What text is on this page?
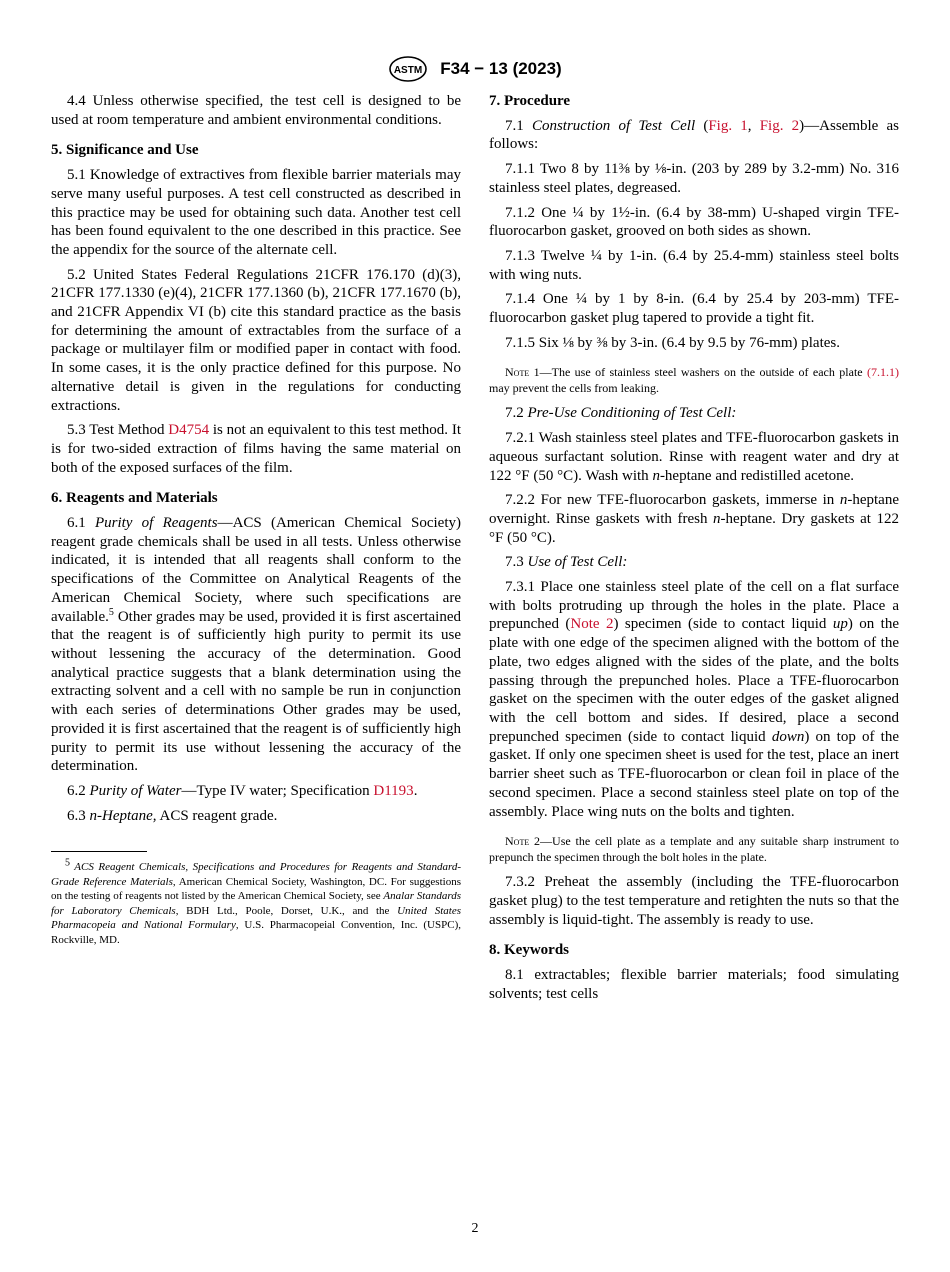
ASTM F34 − 13 (2023)

4.4 Unless otherwise specified, the test cell is designed to be used at room temperature and ambient environmental conditions.

5. Significance and Use

5.1 Knowledge of extractives from flexible barrier materials may serve many useful purposes. A test cell constructed as described in this practice may be used for obtaining such data. Another test cell has been found equivalent to the one described in this practice. See the appendix for the source of the alternate cell.

5.2 United States Federal Regulations 21CFR 176.170 (d)(3), 21CFR 177.1330 (e)(4), 21CFR 177.1360 (b), 21CFR 177.1670 (b), and 21CFR Appendix VI (b) cite this standard practice as the basis for determining the amount of extractables from the surface of a package or multilayer film or modified paper in contact with food. In some cases, it is the only practice defined for this purpose. No alternative detail is given in the regulations for conducting extractions.

5.3 Test Method D4754 is not an equivalent to this test method. It is for two-sided extraction of films having the same material on both of the exposed surfaces of the film.

6. Reagents and Materials

6.1 Purity of Reagents—ACS (American Chemical Society) reagent grade chemicals shall be used in all tests. Unless otherwise indicated, it is intended that all reagents shall conform to the specifications of the Committee on Analytical Reagents of the American Chemical Society, where such specifications are available.$^5$ Other grades may be used, provided it is first ascertained that the reagent is of sufficiently high purity to permit its use without lessening the accuracy of the determination. Good analytical practice suggests that a blank determination using the extracting solvent and a cell with no sample be run in conjunction with each series of determinations Other grades may be used, provided it is first ascertained that the reagent is of sufficiently high purity to permit its use without lessening the accuracy of the determination.

6.2 Purity of Water—Type IV water; Specification D1193.

6.3 n-Heptane, ACS reagent grade.

$^5$ ACS Reagent Chemicals, Specifications and Procedures for Reagents and Standard-Grade Reference Materials, American Chemical Society, Washington, DC. For suggestions on the testing of reagents not listed by the American Chemical Society, see Analar Standards for Laboratory Chemicals, BDH Ltd., Poole, Dorset, U.K., and the United States Pharmacopeia and National Formulary, U.S. Pharmacopeial Convention, Inc. (USPC), Rockville, MD.

7. Procedure

7.1 Construction of Test Cell (Fig. 1, Fig. 2)—Assemble as follows:

7.1.1 Two 8 by 11⅜ by ⅛-in. (203 by 289 by 3.2-mm) No. 316 stainless steel plates, degreased.

7.1.2 One ¼ by 1½-in. (6.4 by 38-mm) U-shaped virgin TFE-fluorocarbon gasket, grooved on both sides as shown.

7.1.3 Twelve ¼ by 1-in. (6.4 by 25.4-mm) stainless steel bolts with wing nuts.

7.1.4 One ¼ by 1 by 8-in. (6.4 by 25.4 by 203-mm) TFE-fluorocarbon gasket plug tapered to provide a tight fit.

7.1.5 Six ⅛ by ⅜ by 3-in. (6.4 by 9.5 by 76-mm) plates.

Note 1—The use of stainless steel washers on the outside of each plate (7.1.1) may prevent the cells from leaking.

7.2 Pre-Use Conditioning of Test Cell:

7.2.1 Wash stainless steel plates and TFE-fluorocarbon gaskets in aqueous surfactant solution. Rinse with reagent water and dry at 122 °F (50 °C). Wash with n-heptane and redistilled acetone.

7.2.2 For new TFE-fluorocarbon gaskets, immerse in n-heptane overnight. Rinse gaskets with fresh n-heptane. Dry gaskets at 122 °F (50 °C).

7.3 Use of Test Cell:

7.3.1 Place one stainless steel plate of the cell on a flat surface with bolts protruding up through the holes in the plate. Place a prepunched (Note 2) specimen (side to contact liquid up) on the plate with one edge of the specimen aligned with the bottom of the plate, two edges aligned with the sides of the plate, and the bolts passing through the prepunched holes. Place a TFE-fluorocarbon gasket on the specimen with the outer edges of the gasket aligned with the cell bottom and sides. If desired, place a second prepunched specimen (side to contact liquid down) on top of the gasket. If only one specimen sheet is used for the test, place an inert barrier sheet such as TFE-fluorocarbon or clean foil in place of the second specimen. Place a second stainless steel plate on top of the assembly. Place wing nuts on the bolts and tighten.

Note 2—Use the cell plate as a template and any suitable sharp instrument to prepunch the specimen through the bolt holes in the plate.

7.3.2 Preheat the assembly (including the TFE-fluorocarbon gasket plug) to the test temperature and retighten the nuts so that the assembly is liquid-tight. The assembly is ready to use.

8. Keywords

8.1 extractables; flexible barrier materials; food simulating solvents; test cells

2
